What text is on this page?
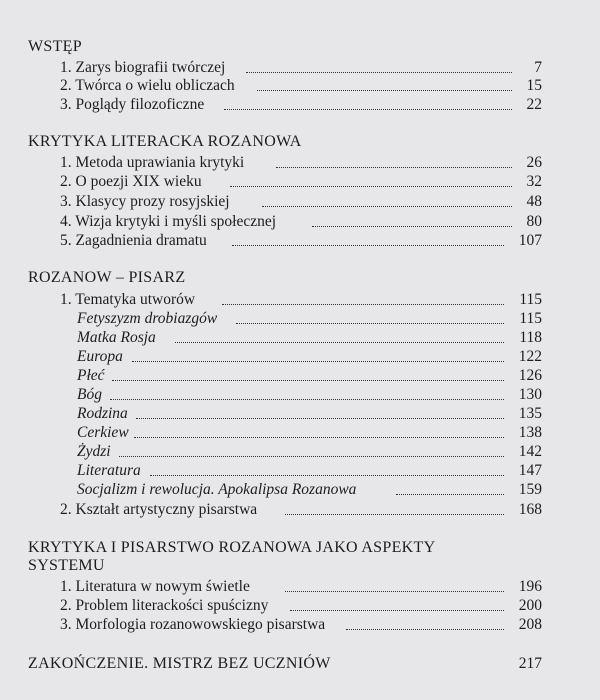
WSTĘP
1. Zarys biografii twórczej	7
2. Twórca o wielu obliczach	15
3. Poglądy filozoficzne	22
KRYTYKA LITERACKA ROZANOWA
1. Metoda uprawiania krytyki	26
2. O poezji XIX wieku	32
3. Klasycy prozy rosyjskiej	48
4. Wizja krytyki i myśli społecznej	80
5. Zagadnienia dramatu	107
ROZANOW – PISARZ
1. Tematyka utworów	115
Fetyszyzm drobiazgów	115
Matka Rosja	118
Europa	122
Płeć	126
Bóg	130
Rodzina	135
Cerkiew	138
Żydzi	142
Literatura	147
Socjalizm i rewolucja. Apokalipsa Rozanowa	159
2. Kształt artystyczny pisarstwa	168
KRYTYKA I PISARSTWO ROZANOWA JAKO ASPEKTY
SYSTEMU
1. Literatura w nowym świetle	196
2. Problem literackości spuścizny	200
3. Morfologia rozanowowskiego pisarstwa	208
ZAKOŃCZENIE. MISTRZ BEZ UCZNIÓW	217
